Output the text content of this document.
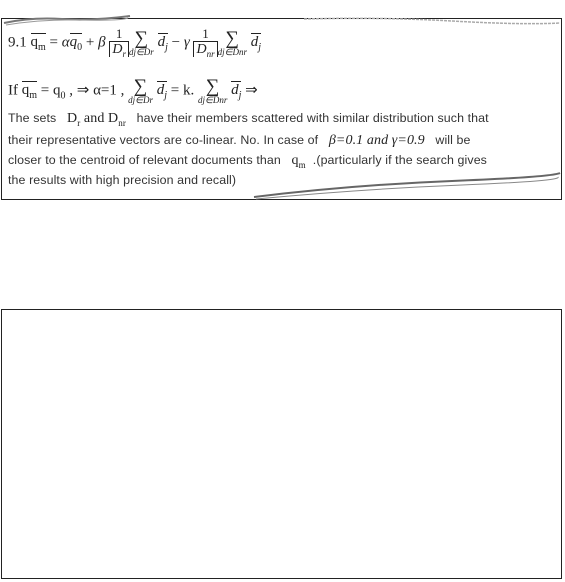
9.1 $q_m = \alpha q_0 + \beta \frac{1}{D_r}$ ∑
dj∈Dr
$d_j - \gamma \frac{1}{D_{nr}}$ ∑
dj∈Dnr
$d_j$
If $q_m = q_0$ , ⇒ α=1 , ∑
dj∈Dr
$d_j = k$. ∑
dj∈Dnr
$d_j$ ⇒
The sets $D_r$ and $D_{nr}$ have their members scattered with similar distribution such that
their representative vectors are co-linear. No. In case of β=0.1 and γ=0.9 will be
closer to the centroid of relevant documents than $q_m$ .(particularly if the search gives
the results with high precision and recall)
